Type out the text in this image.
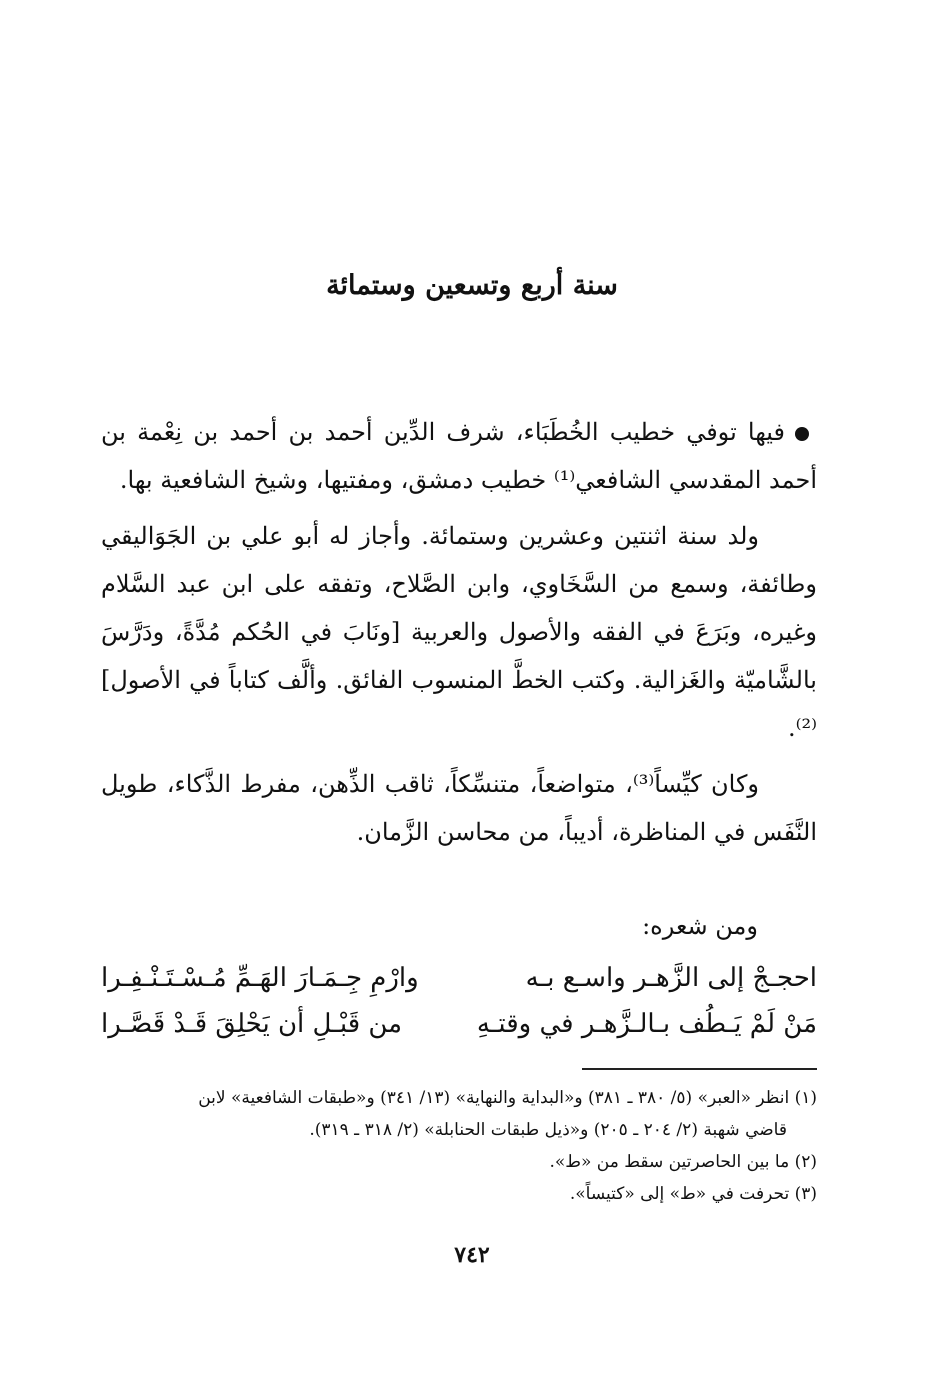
سنة أربع وتسعين وستمائة

فيها توفي خطيب الخُطَبَاء، شرف الدِّين أحمد بن أحمد بن نِعْمة بن أحمد المقدسي الشافعي⁽¹⁾ خطيب دمشق، ومفتيها، وشيخ الشافعية بها.

ولد سنة اثنتين وعشرين وستمائة. وأجاز له أبو علي بن الجَوَاليقي وطائفة، وسمع من السَّخَاوي، وابن الصَّلاح، وتفقه على ابن عبد السَّلام وغيره، وبَرَعَ في الفقه والأصول والعربية [ونَابَ في الحُكم مُدَّةً، ودَرَّسَ بالشَّاميّة والغَزالية. وكتب الخطَّ المنسوب الفائق. وألَّف كتاباً في الأصول]⁽²⁾.

وكان كيِّساً⁽³⁾، متواضعاً، متنسِّكاً، ثاقب الذِّهن، مفرط الذَّكاء، طويل النَّفَس في المناظرة، أديباً، من محاسن الزَّمان.

ومن شعره:
احجـجْ إلى الزَّهـر واسـع بـه
وارْمِ جِـمَـارَ الهَـمِّ مُـسْـتَـنْـفِـرا
مَنْ لَمْ يَـطُف بـالـزَّهـر في وقتـهِ
من قَبْـلِ أن يَحْلِقَ قَـدْ قَصَّـرا

(١) انظر «العبر» (٥/ ٣٨٠ ـ ٣٨١) و«البداية والنهاية» (١٣/ ٣٤١) و«طبقات الشافعية» لابن

قاضي شهبة (٢/ ٢٠٤ ـ ٢٠٥) و«ذيل طبقات الحنابلة» (٢/ ٣١٨ ـ ٣١٩).

(٢) ما بين الحاصرتين سقط من «ط».

(٣) تحرفت في «ط» إلى «كتيساً».

٧٤٢
